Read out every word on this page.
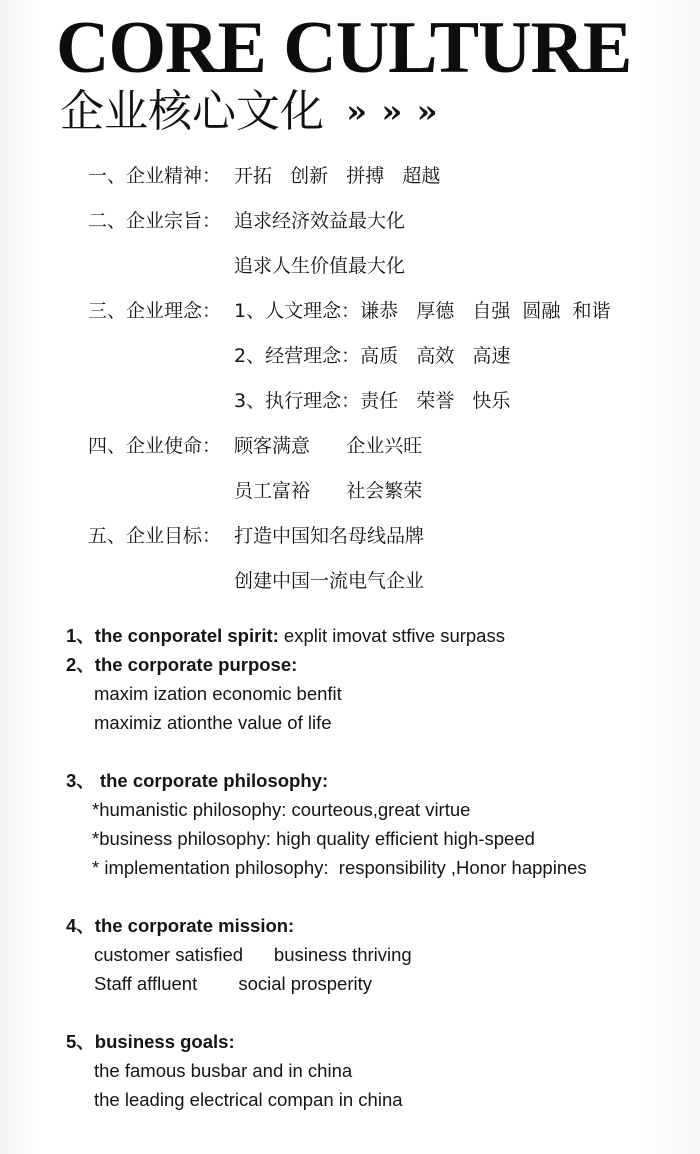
CORE CULTURE
企业核心文化 » » »
一、企业精神： 开拓   创新   拼搏   超越
二、企业宗旨： 追求经济效益最大化
追求人生价值最大化
三、企业理念： 1、人文理念：谦恭   厚德   自强  圆融  和谐
2、经营理念：高质   高效   高速
3、执行理念：责任   荣誉   快乐
四、企业使命： 顾客满意      企业兴旺
员工富裕      社会繁荣
五、企业目标： 打造中国知名母线品牌
创建中国一流电气企业
1、the conporatel spirit: explit imovat stfive surpass
2、the corporate purpose:
maxim ization economic benfit
maximiz ationthe value of life
3、 the corporate philosophy:
*humanistic philosophy: courteous,great virtue
*business philosophy: high quality efficient high-speed
* implementation philosophy:  responsibility ,Honor happines
4、the corporate mission:
customer satisfied      business thriving
Staff affluent        social prosperity
5、business goals:
the famous busbar and in china
the leading electrical compan in china
